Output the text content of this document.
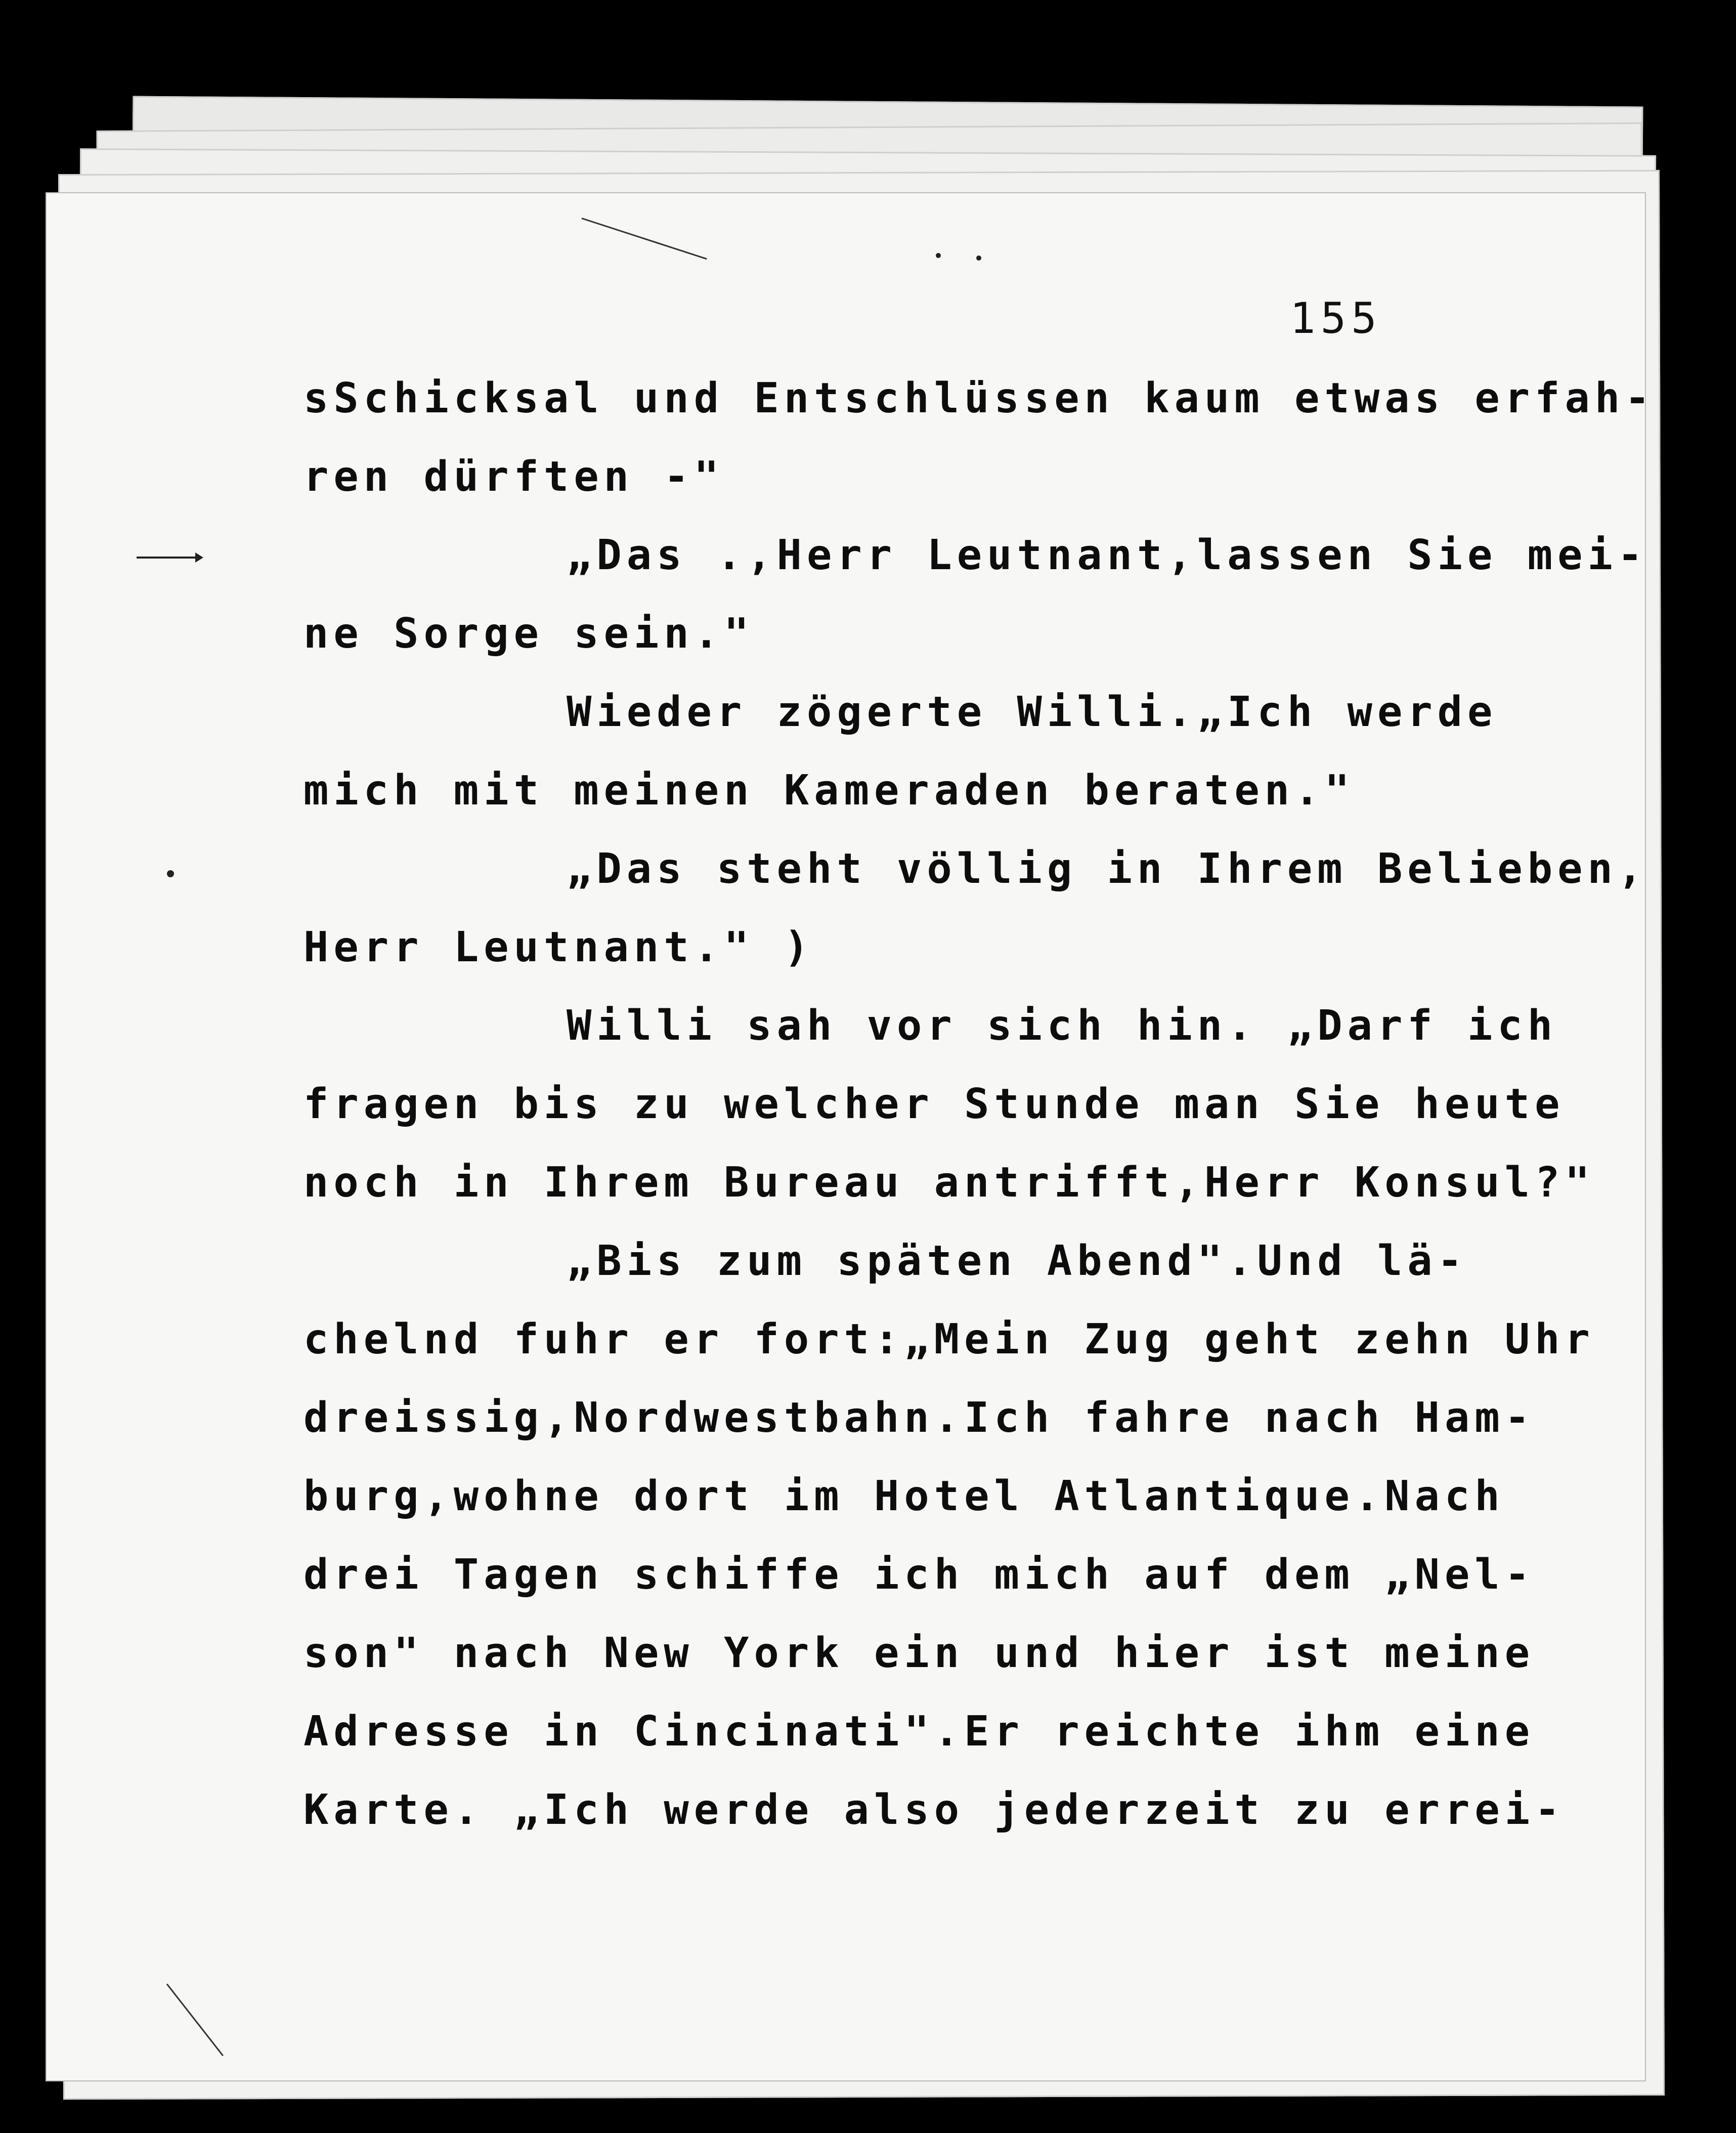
155
sSchicksal und Entschlüssen kaum etwas erfah-
ren dürften -"
„Das .,Herr Leutnant,lassen Sie mei-
ne Sorge sein."
Wieder zögerte Willi.„Ich werde
mich mit meinen Kameraden beraten."
„Das steht völlig in Ihrem Belieben,
Herr Leutnant." )
Willi sah vor sich hin. „Darf ich
fragen bis zu welcher Stunde man Sie heute
noch in Ihrem Bureau antrifft,Herr Konsul?"
„Bis zum späten Abend".Und lä-
chelnd fuhr er fort:„Mein Zug geht zehn Uhr
dreissig,Nordwestbahn.Ich fahre nach Ham-
burg,wohne dort im Hotel Atlantique.Nach
drei Tagen schiffe ich mich auf dem „Nel-
son" nach New York ein und hier ist meine
Adresse in Cincinati".Er reichte ihm eine
Karte. „Ich werde also jederzeit zu errei-
